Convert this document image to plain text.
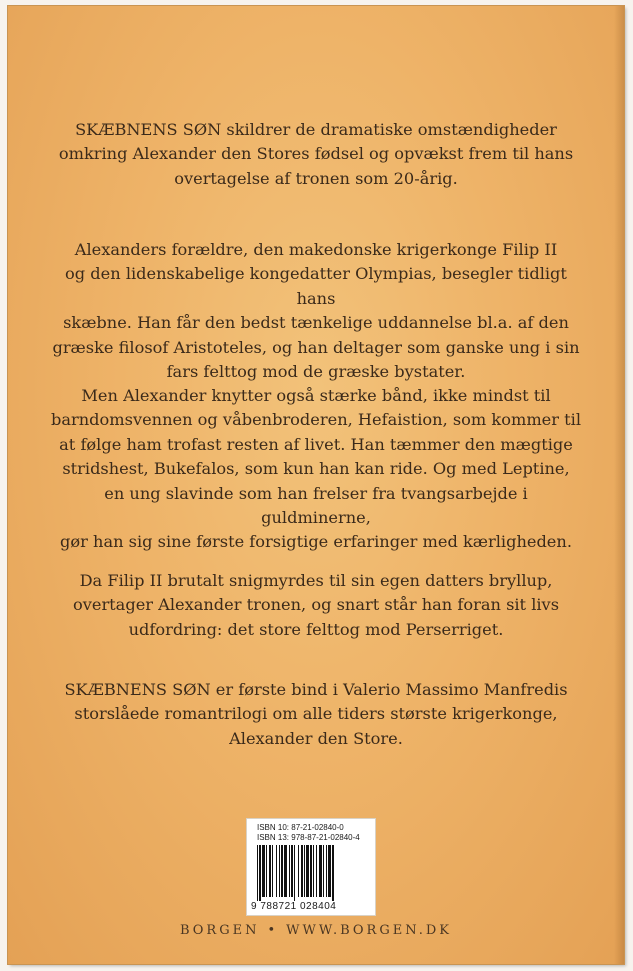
SKÆBNENS SØN skildrer de dramatiske omstændigheder
omkring Alexander den Stores fødsel og opvækst frem til hans
overtagelse af tronen som 20-årig.

Alexanders forældre, den makedonske krigerkonge Filip II
og den lidenskabelige kongedatter Olympias, besegler tidligt hans
skæbne. Han får den bedst tænkelige uddannelse bl.a. af den
græske filosof Aristoteles, og han deltager som ganske ung i sin
fars felttog mod de græske bystater.

Men Alexander knytter også stærke bånd, ikke mindst til
barndomsvennen og våbenbroderen, Hefaistion, som kommer til
at følge ham trofast resten af livet. Han tæmmer den mægtige
stridshest, Bukefalos, som kun han kan ride. Og med Leptine,
en ung slavinde som han frelser fra tvangsarbejde i guldminerne,
gør han sig sine første forsigtige erfaringer med kærligheden.

Da Filip II brutalt snigmyrdes til sin egen datters bryllup,
overtager Alexander tronen, og snart står han foran sit livs
udfordring: det store felttog mod Perserriget.

SKÆBNENS SØN er første bind i Valerio Massimo Manfredis
storslåede romantrilogi om alle tiders største krigerkonge,
Alexander den Store.

ISBN 10: 87-21-02840-0
ISBN 13: 978-87-21-02840-4
9 788721 028404
BORGEN • WWW.BORGEN.DK
